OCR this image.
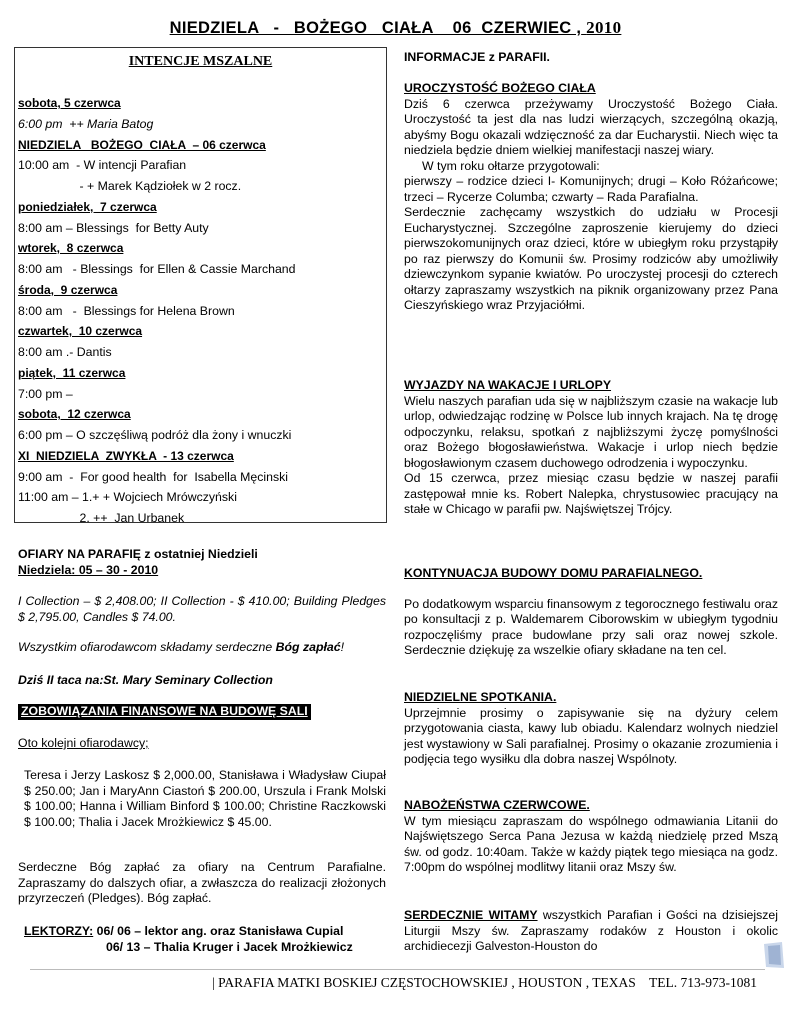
NIEDZIELA   -   BOŻEGO   CIAŁA    06  CZERWIEC , 2010
INTENCJE MSZALNE
sobota, 5 czerwca
6:00 pm  ++ Maria Batog
NIEDZIELA   BOŻEGO  CIAŁA  – 06 czerwca
10:00 am  - W intencji Parafian
- + Marek Kądziołek w 2 rocz.
poniedziałek,  7 czerwca
8:00 am – Blessings  for Betty Auty
wtorek,  8 czerwca
8:00 am   - Blessings  for Ellen & Cassie Marchand
środa,  9 czerwca
8:00 am   -  Blessings for Helena Brown
czwartek,  10 czerwca
8:00 am .- Dantis
piątek,  11 czerwca
7:00 pm –
sobota,  12 czerwca
6:00 pm – O szczęśliwą podróż dla żony i wnuczki
XI  NIEDZIELA  ZWYKŁA  - 13 czerwca
9:00 am  -  For good health  for  Isabella Męcinski
11:00 am – 1.+ + Wojciech Mrówczyński
2. ++  Jan Urbanek
OFIARY NA PARAFIĘ z ostatniej Niedzieli
Niedziela: 05 – 30 - 2010
I Collection – $ 2,408.00; II Collection - $ 410.00; Building Pledges $ 2,795.00, Candles $ 74.00.
Wszystkim ofiarodawcom składamy serdeczne Bóg zapłać!
Dziś II taca na:St. Mary Seminary Collection
ZOBOWIĄZANIA FINANSOWE NA BUDOWĘ SALI
Oto kolejni ofiarodawcy;
Teresa i Jerzy Laskosz $ 2,000.00, Stanisława i Władysław Ciupał $ 250.00; Jan i MaryAnn Ciastoń $ 200.00, Urszula i Frank Molski $ 100.00; Hanna i William Binford $ 100.00; Christine Raczkowski $ 100.00; Thalia i Jacek Mrożkiewicz $ 45.00.
Serdeczne Bóg zapłać za ofiary na Centrum Parafialne. Zapraszamy do dalszych ofiar, a zwłaszcza do realizacji złożonych przyrzeczeń (Pledges). Bóg zapłać.
LEKTORZY: 06/ 06 – lektor ang. oraz Stanisława Cupial
06/ 13 – Thalia Kruger i Jacek Mrożkiewicz
INFORMACJE z PARAFII.
UROCZYSTOŚĆ BOŻEGO CIAŁA

Dziś 6 czerwca przeżywamy Uroczystość Bożego Ciała. Uroczystość ta jest dla nas ludzi wierzących, szczególną okazją, abyśmy Bogu okazali wdzięczność za dar Eucharystii. Niech więc ta niedziela będzie dniem wielkiej manifestacji naszej wiary.

W tym roku ołtarze przygotowali:

pierwszy – rodzice dzieci I- Komunijnych; drugi – Koło Różańcowe; trzeci – Rycerze Columba; czwarty – Rada Parafialna.

Serdecznie zachęcamy wszystkich do udziału w Procesji Eucharystycznej. Szczególne zaproszenie kierujemy do dzieci pierwszokomunijnych oraz dzieci, które w ubiegłym roku przystąpiły po raz pierwszy do Komunii św. Prosimy rodziców aby umożliwiły dziewczynkom sypanie kwiatów. Po uroczystej procesji do czterech ołtarzy zapraszamy wszystkich na piknik organizowany przez Pana Cieszyńskiego wraz Przyjaciółmi.

WYJAZDY NA WAKACJE I URLOPY

Wielu naszych parafian uda się w najbliższym czasie na wakacje lub urlop, odwiedzając rodzinę w Polsce lub innych krajach. Na tę drogę odpoczynku, relaksu, spotkań z najbliższymi życzę pomyślności oraz Bożego błogosławieństwa. Wakacje i urlop niech będzie błogosławionym czasem duchowego odrodzenia i wypoczynku.

Od 15 czerwca, przez miesiąc czasu będzie w naszej parafii zastępował mnie ks. Robert Nalepka, chrystusowiec pracujący na stałe w Chicago w parafii pw. Najświętszej Trójcy.

KONTYNUACJA BUDOWY DOMU PARAFIALNEGO.

Po dodatkowym wsparciu finansowym z tegorocznego festiwalu oraz po konsultacji z p. Waldemarem Ciborowskim w ubiegłym tygodniu rozpoczęliśmy prace budowlane przy sali oraz nowej szkole. Serdecznie dziękuję za wszelkie ofiary składane na ten cel.

NIEDZIELNE SPOTKANIA.

Uprzejmnie prosimy o zapisywanie się na dyżury celem przygotowania ciasta, kawy lub obiadu. Kalendarz wolnych niedziel jest wystawiony w Sali parafialnej. Prosimy o okazanie zrozumienia i podjęcia tego wysiłku dla dobra naszej Wspólnoty.

NABOŻEŃSTWA CZERWCOWE.

W tym miesiącu zapraszam do wspólnego odmawiania Litanii do Najświętszego Serca Pana Jezusa w każdą niedzielę przed Mszą św. od godz. 10:40am. Także w każdy piątek tego miesiąca na godz. 7:00pm do wspólnej modlitwy litanii oraz Mszy św.

SERDECZNIE WITAMY wszystkich Parafian i Gości na dzisiejszej Liturgii Mszy św. Zapraszamy rodaków z Houston i okolic archidiecezji Galveston-Houston do

| PARAFIA MATKI BOSKIEJ CZĘSTOCHOWSKIEJ , HOUSTON , TEXAS    TEL. 713-973-1081
